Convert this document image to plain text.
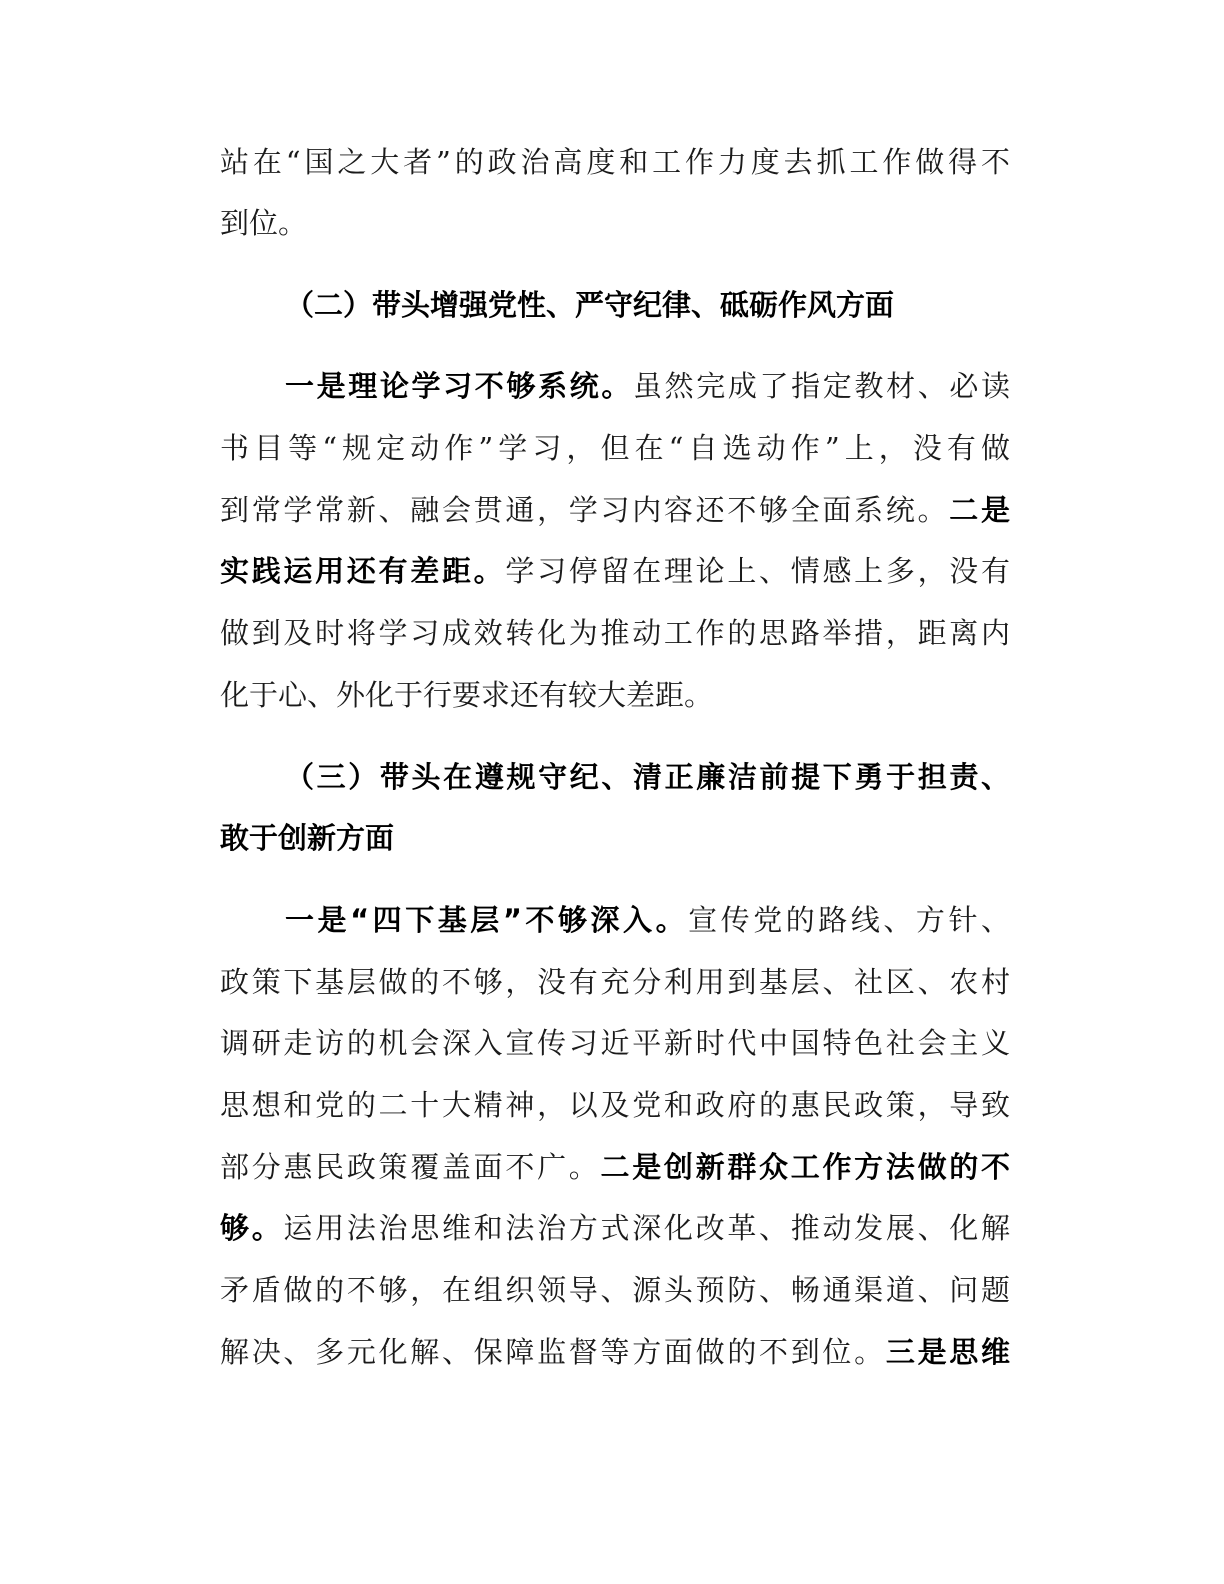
站在“国之大者”的政治高度和工作力度去抓工作做得不

到位。

（二）带头增强党性、严守纪律、砥砺作风方面

一是理论学习不够系统。虽然完成了指定教材、必读

书目等“规定动作”学习，但在“自选动作”上，没有做

到常学常新、融会贯通，学习内容还不够全面系统。二是

实践运用还有差距。学习停留在理论上、情感上多，没有

做到及时将学习成效转化为推动工作的思路举措，距离内

化于心、外化于行要求还有较大差距。

（三）带头在遵规守纪、清正廉洁前提下勇于担责、

敢于创新方面

一是“四下基层”不够深入。宣传党的路线、方针、

政策下基层做的不够，没有充分利用到基层、社区、农村

调研走访的机会深入宣传习近平新时代中国特色社会主义

思想和党的二十大精神，以及党和政府的惠民政策，导致

部分惠民政策覆盖面不广。二是创新群众工作方法做的不

够。运用法治思维和法治方式深化改革、推动发展、化解

矛盾做的不够，在组织领导、源头预防、畅通渠道、问题

解决、多元化解、保障监督等方面做的不到位。三是思维
